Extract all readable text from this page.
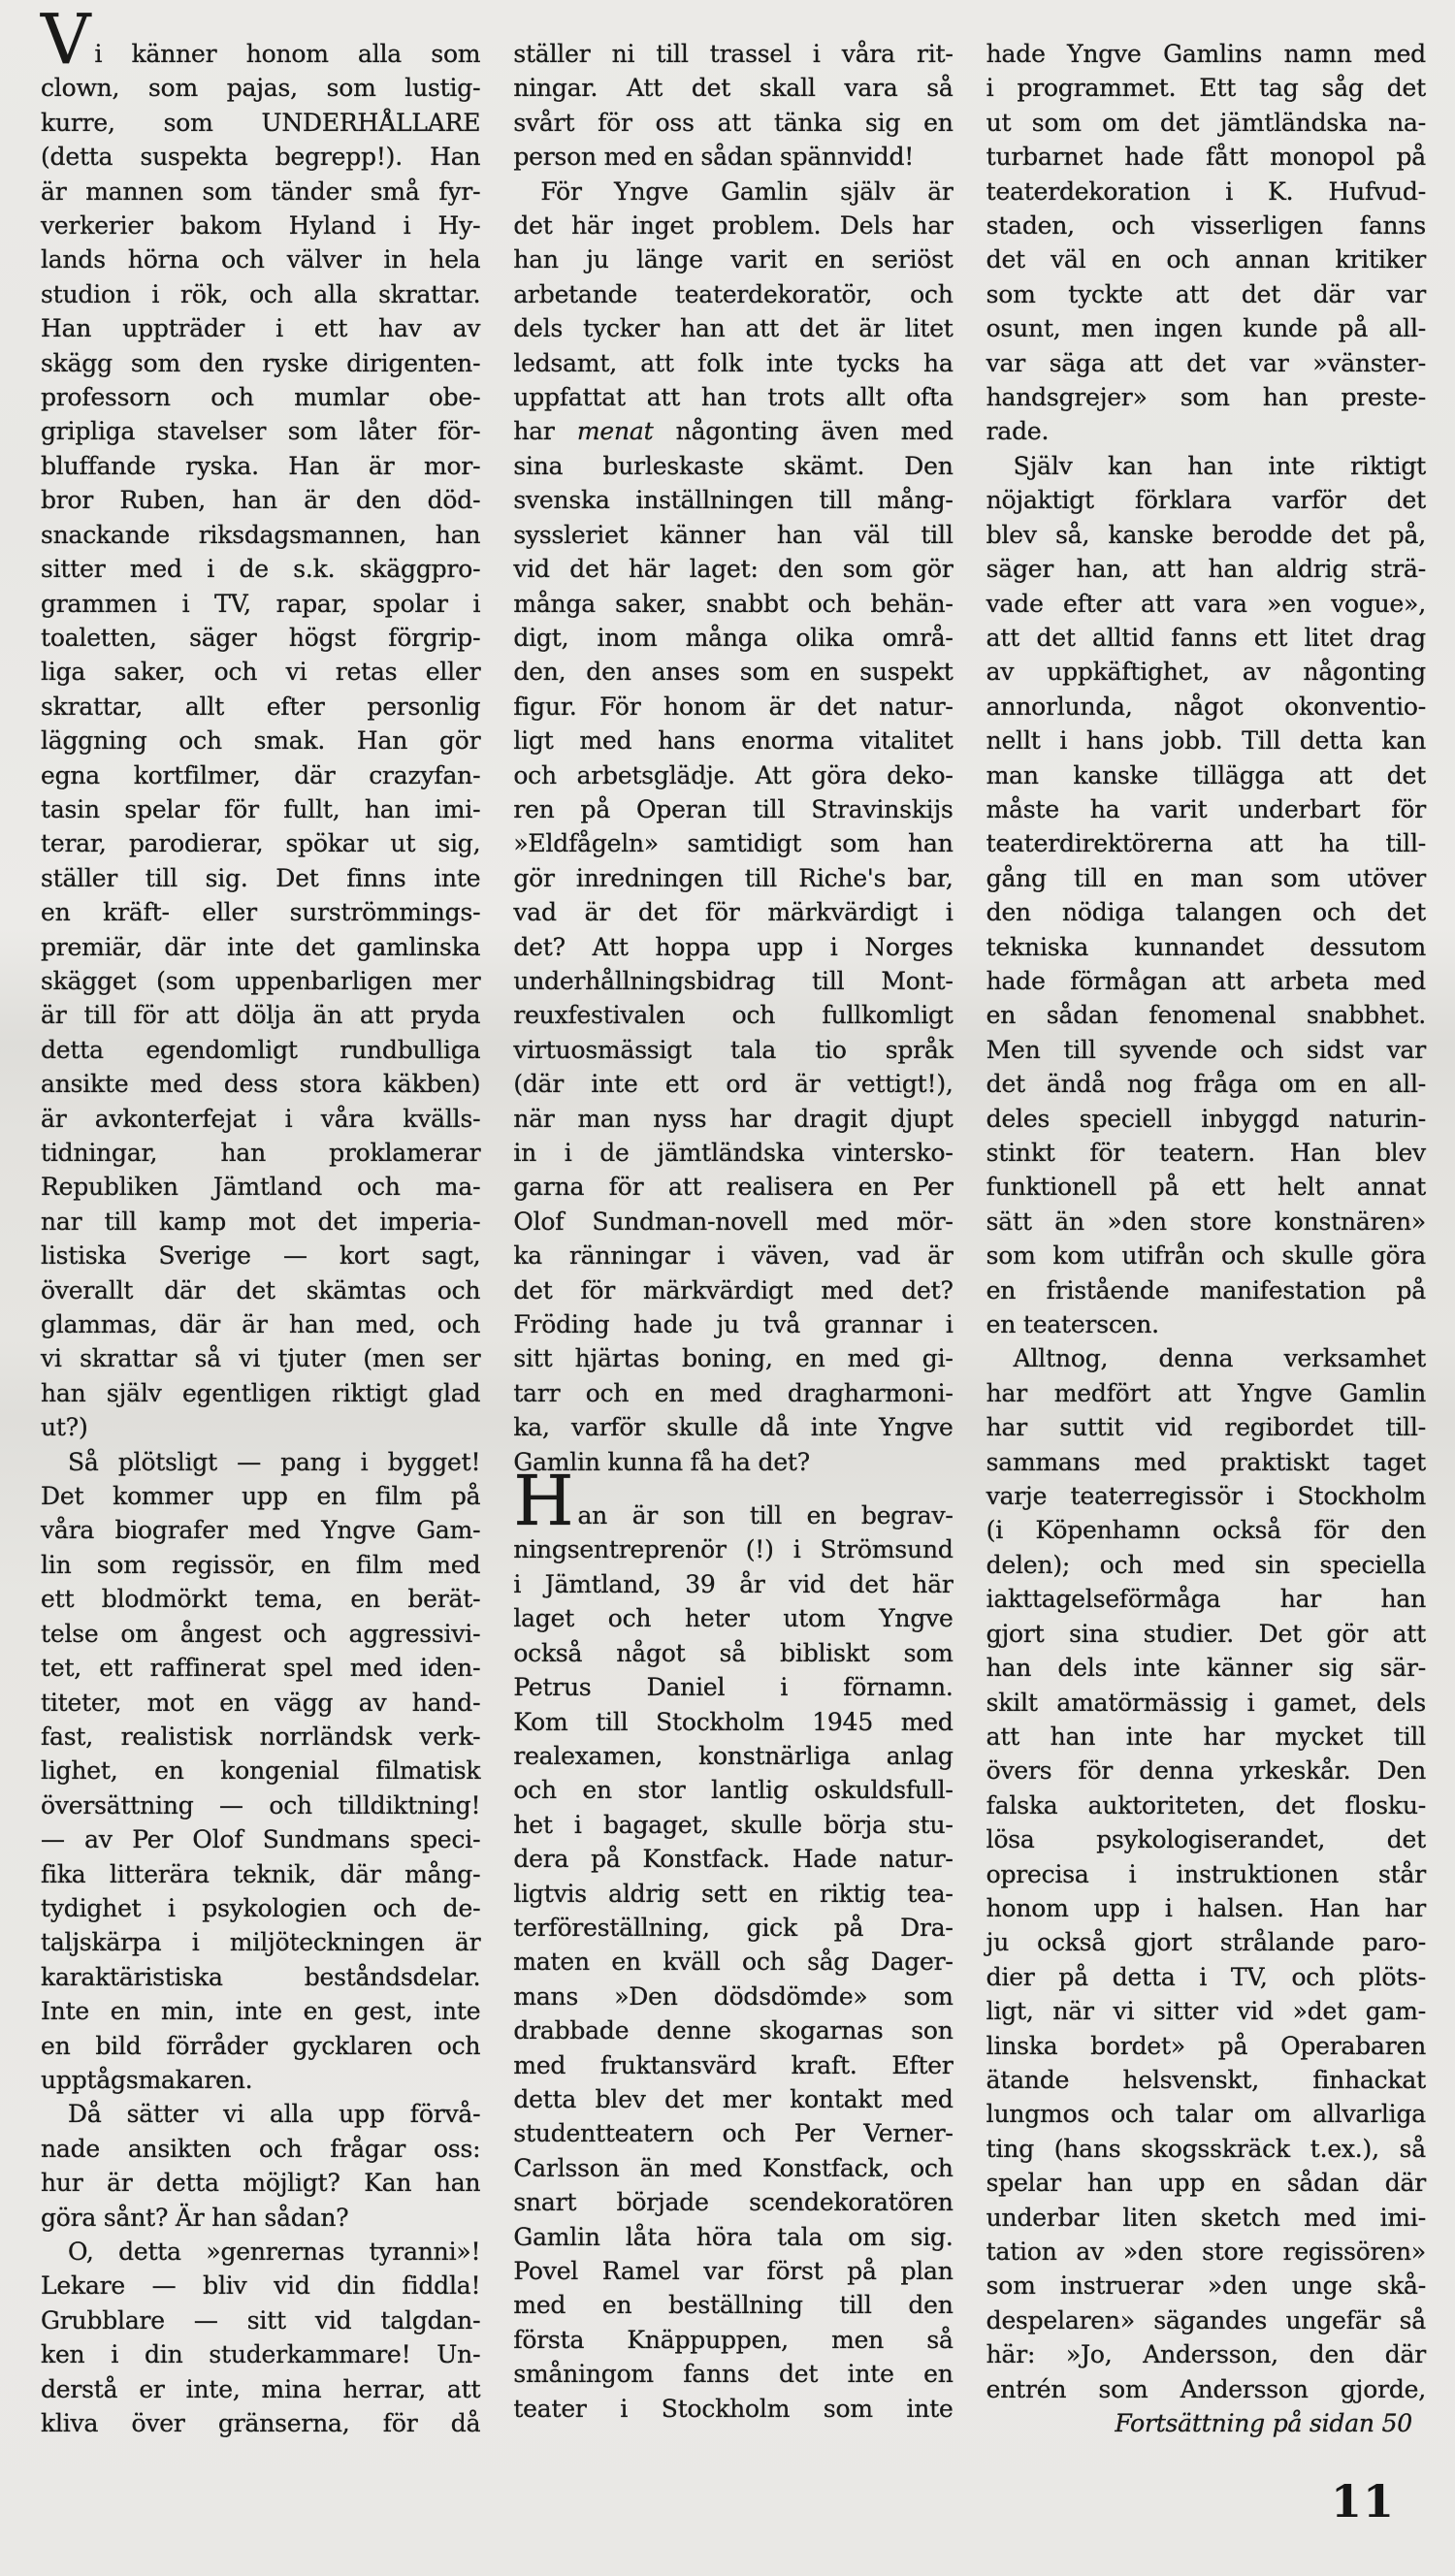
Vi känner honom alla som
clown, som pajas, som lustig-
kurre, som UNDERHÅLLARE
(detta suspekta begrepp!). Han
är mannen som tänder små fyr-
verkerier bakom Hyland i Hy-
lands hörna och välver in hela
studion i rök, och alla skrattar.
Han uppträder i ett hav av
skägg som den ryske dirigenten-
professorn och mumlar obe-
gripliga stavelser som låter för-
bluffande ryska. Han är mor-
bror Ruben, han är den död-
snackande riksdagsmannen, han
sitter med i de s.k. skäggpro-
grammen i TV, rapar, spolar i
toaletten, säger högst förgrip-
liga saker, och vi retas eller
skrattar, allt efter personlig
läggning och smak. Han gör
egna kortfilmer, där crazyfan-
tasin spelar för fullt, han imi-
terar, parodierar, spökar ut sig,
ställer till sig. Det finns inte
en kräft- eller surströmmings-
premiär, där inte det gamlinska
skägget (som uppenbarligen mer
är till för att dölja än att pryda
detta egendomligt rundbulliga
ansikte med dess stora käkben)
är avkonterfejat i våra kvälls-
tidningar, han proklamerar
Republiken Jämtland och ma-
nar till kamp mot det imperia-
listiska Sverige — kort sagt,
överallt där det skämtas och
glammas, där är han med, och
vi skrattar så vi tjuter (men ser
han själv egentligen riktigt glad
ut?)
Så plötsligt — pang i bygget!
Det kommer upp en film på
våra biografer med Yngve Gam-
lin som regissör, en film med
ett blodmörkt tema, en berät-
telse om ångest och aggressivi-
tet, ett raffinerat spel med iden-
titeter, mot en vägg av hand-
fast, realistisk norrländsk verk-
lighet, en kongenial filmatisk
översättning — och tilldiktning!
— av Per Olof Sundmans speci-
fika litterära teknik, där mång-
tydighet i psykologien och de-
taljskärpa i miljöteckningen är
karaktäristiska beståndsdelar.
Inte en min, inte en gest, inte
en bild förråder gycklaren och
upptågsmakaren.
Då sätter vi alla upp förvå-
nade ansikten och frågar oss:
hur är detta möjligt? Kan han
göra sånt? Är han sådan?
O, detta »genrernas tyranni»!
Lekare — bliv vid din fiddla!
Grubblare — sitt vid talgdan-
ken i din studerkammare! Un-
derstå er inte, mina herrar, att
kliva över gränserna, för då
ställer ni till trassel i våra rit-
ningar. Att det skall vara så
svårt för oss att tänka sig en
person med en sådan spännvidd!
För Yngve Gamlin själv är
det här inget problem. Dels har
han ju länge varit en seriöst
arbetande teaterdekoratör, och
dels tycker han att det är litet
ledsamt, att folk inte tycks ha
uppfattat att han trots allt ofta
har menat någonting även med
sina burleskaste skämt. Den
svenska inställningen till mång-
syssleriet känner han väl till
vid det här laget: den som gör
många saker, snabbt och behän-
digt, inom många olika områ-
den, den anses som en suspekt
figur. För honom är det natur-
ligt med hans enorma vitalitet
och arbetsglädje. Att göra deko-
ren på Operan till Stravinskijs
»Eldfågeln» samtidigt som han
gör inredningen till Riche's bar,
vad är det för märkvärdigt i
det? Att hoppa upp i Norges
underhållningsbidrag till Mont-
reuxfestivalen och fullkomligt
virtuosmässigt tala tio språk
(där inte ett ord är vettigt!),
när man nyss har dragit djupt
in i de jämtländska vintersko-
garna för att realisera en Per
Olof Sundman-novell med mör-
ka ränningar i väven, vad är
det för märkvärdigt med det?
Fröding hade ju två grannar i
sitt hjärtas boning, en med gi-
tarr och en med dragharmoni-
ka, varför skulle då inte Yngve
Gamlin kunna få ha det?
Han är son till en begrav-
ningsentreprenör (!) i Strömsund
i Jämtland, 39 år vid det här
laget och heter utom Yngve
också något så bibliskt som
Petrus Daniel i förnamn.
Kom till Stockholm 1945 med
realexamen, konstnärliga anlag
och en stor lantlig oskuldsfull-
het i bagaget, skulle börja stu-
dera på Konstfack. Hade natur-
ligtvis aldrig sett en riktig tea-
terföreställning, gick på Dra-
maten en kväll och såg Dager-
mans »Den dödsdömde» som
drabbade denne skogarnas son
med fruktansvärd kraft. Efter
detta blev det mer kontakt med
studentteatern och Per Verner-
Carlsson än med Konstfack, och
snart började scendekoratören
Gamlin låta höra tala om sig.
Povel Ramel var först på plan
med en beställning till den
första Knäppuppen, men så
småningom fanns det inte en
teater i Stockholm som inte
hade Yngve Gamlins namn med
i programmet. Ett tag såg det
ut som om det jämtländska na-
turbarnet hade fått monopol på
teaterdekoration i K. Hufvud-
staden, och visserligen fanns
det väl en och annan kritiker
som tyckte att det där var
osunt, men ingen kunde på all-
var säga att det var »vänster-
handsgrejer» som han preste-
rade.
Själv kan han inte riktigt
nöjaktigt förklara varför det
blev så, kanske berodde det på,
säger han, att han aldrig strä-
vade efter att vara »en vogue»,
att det alltid fanns ett litet drag
av uppkäftighet, av någonting
annorlunda, något okonventio-
nellt i hans jobb. Till detta kan
man kanske tillägga att det
måste ha varit underbart för
teaterdirektörerna att ha till-
gång till en man som utöver
den nödiga talangen och det
tekniska kunnandet dessutom
hade förmågan att arbeta med
en sådan fenomenal snabbhet.
Men till syvende och sidst var
det ändå nog fråga om en all-
deles speciell inbyggd naturin-
stinkt för teatern. Han blev
funktionell på ett helt annat
sätt än »den store konstnären»
som kom utifrån och skulle göra
en fristående manifestation på
en teaterscen.
Alltnog, denna verksamhet
har medfört att Yngve Gamlin
har suttit vid regibordet till-
sammans med praktiskt taget
varje teaterregissör i Stockholm
(i Köpenhamn också för den
delen); och med sin speciella
iakttagelseförmåga har han
gjort sina studier. Det gör att
han dels inte känner sig sär-
skilt amatörmässig i gamet, dels
att han inte har mycket till
övers för denna yrkeskår. Den
falska auktoriteten, det flosku-
lösa psykologiserandet, det
oprecisa i instruktionen står
honom upp i halsen. Han har
ju också gjort strålande paro-
dier på detta i TV, och plöts-
ligt, när vi sitter vid »det gam-
linska bordet» på Operabaren
ätande helsvenskt, finhackat
lungmos och talar om allvarliga
ting (hans skogsskräck t.ex.), så
spelar han upp en sådan där
underbar liten sketch med imi-
tation av »den store regissören»
som instruerar »den unge skå-
despelaren» sägandes ungefär så
här: »Jo, Andersson, den där
entrén som Andersson gjorde,
Fortsättning på sidan 50
11
